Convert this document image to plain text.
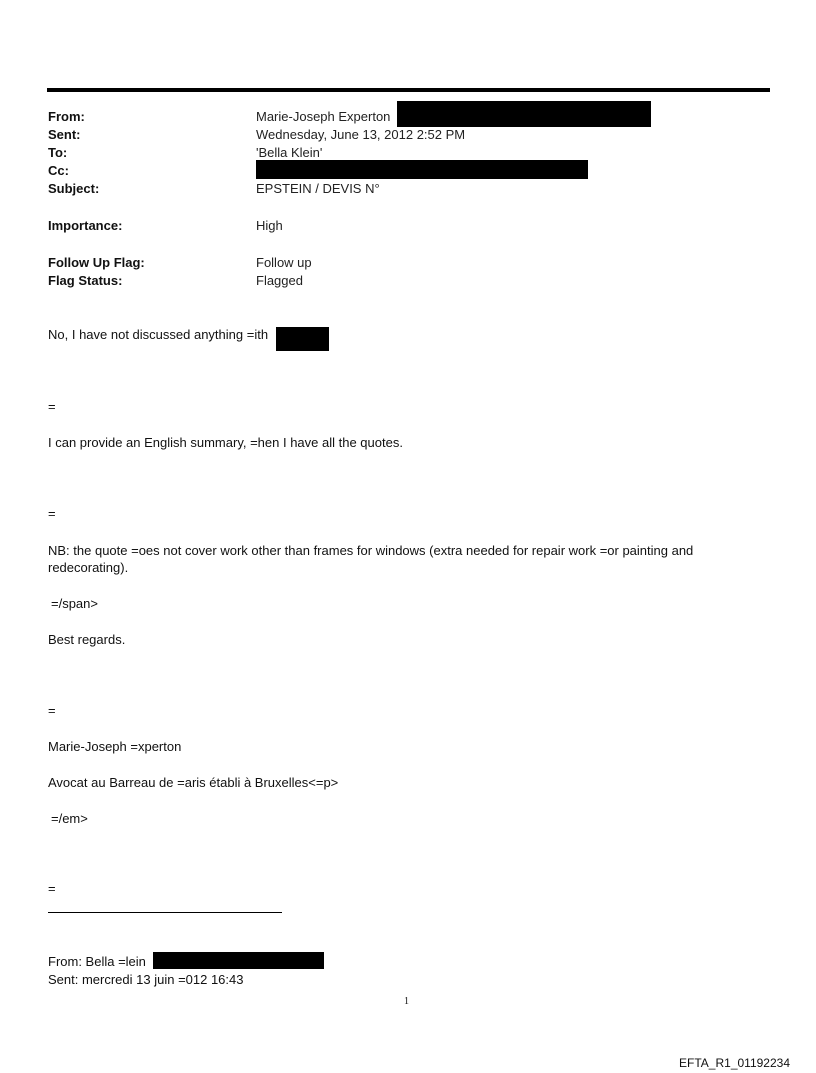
From:
Sent:
To:
Cc:
Subject:
Importance:
Follow Up Flag:
Flag Status:
Marie-Joseph Experton
Wednesday, June 13, 2012 2:52 PM
'Bella Klein'
EPSTEIN / DEVIS N°
High
Follow up
Flagged
No, I have not discussed anything =ith
=
I can provide an English summary, =hen I have all the quotes.
=
NB: the quote =oes not cover work other than frames for windows (extra needed for repair work =or painting and redecorating).
=/span>
Best regards.
=
Marie-Joseph =xperton
Avocat au Barreau de =aris établi à Bruxelles<=p>
=/em>
=
From: Bella =lein
Sent: mercredi 13 juin =012 16:43
1
EFTA_R1_01192234
